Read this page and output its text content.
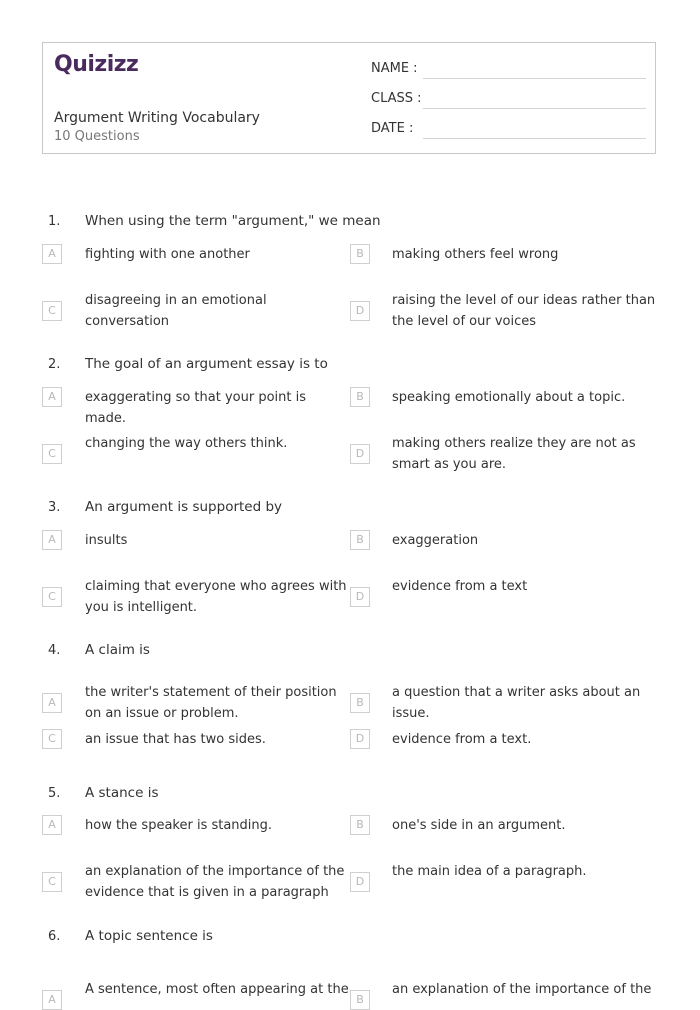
Quizizz
Argument Writing Vocabulary
10 Questions
NAME :
CLASS :
DATE :
1.	When using the term "argument," we mean
A	fighting with one another	B	making others feel wrong
C
disagreeing in an emotional conversation
D
raising the level of our ideas rather than the level of our voices
2.	The goal of an argument essay is to
A	exaggerating so that your point is made.
B	speaking emotionally about a topic.
C
changing the way others think.
D
making others realize they are not as smart as you are.
3.	An argument is supported by
A	insults	B	exaggeration
C
claiming that everyone who agrees with you is intelligent.
D
evidence from a text
4.	A claim is
A
the writer's statement of their position on an issue or problem.
B
a question that a writer asks about an issue.
C	an issue that has two sides.	D	evidence from a text.
5.	A stance is
A	how the speaker is standing.	B	one's side in an argument.
C
an explanation of the importance of the evidence that is given in a paragraph
D
the main idea of a paragraph.
6.	A topic sentence is
A
A sentence, most often appearing at the
B
an explanation of the importance of the
